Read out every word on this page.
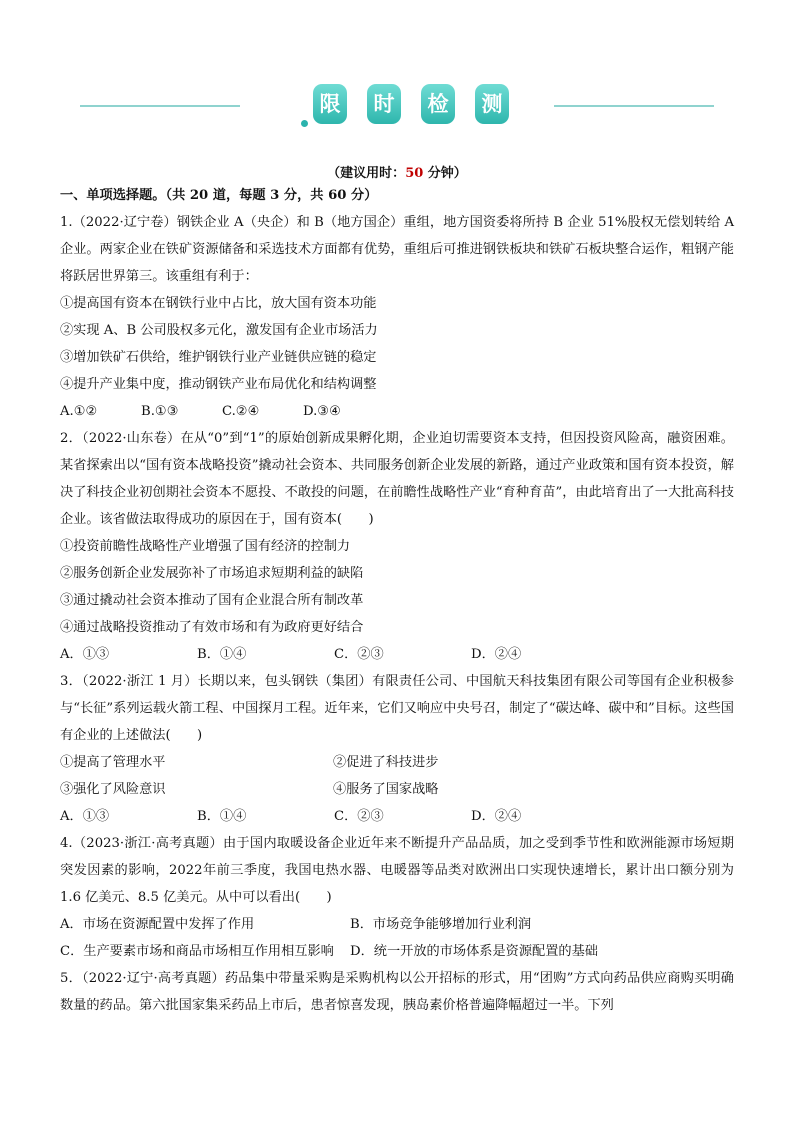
限	时	检	测
（建议用时：50 分钟）

一、单项选择题。（共 20 道，每题 3 分，共 60 分）

1.（2022·辽宁卷）钢铁企业 A（央企）和 B（地方国企）重组，地方国资委将所持 B 企业 51%股权无偿划转给 A 企业。两家企业在铁矿资源储备和采选技术方面都有优势，重组后可推进钢铁板块和铁矿石板块整合运作，粗钢产能将跃居世界第三。该重组有利于：

①提高国有资本在钢铁行业中占比，放大国有资本功能

②实现 A、B 公司股权多元化，激发国有企业市场活力

③增加铁矿石供给，维护钢铁行业产业链供应链的稳定

④提升产业集中度，推动钢铁产业布局优化和结构调整

A.①②	B.①③	C.②④	D.③④

2．（2022·山东卷）在从“0”到“1”的原始创新成果孵化期，企业迫切需要资本支持，但因投资风险高，融资困难。某省探索出以“国有资本战略投资”撬动社会资本、共同服务创新企业发展的新路，通过产业政策和国有资本投资，解决了科技企业初创期社会资本不愿投、不敢投的问题，在前瞻性战略性产业“育种育苗”，由此培育出了一大批高科技企业。该省做法取得成功的原因在于，国有资本(　　)

①投资前瞻性战略性产业增强了国有经济的控制力

②服务创新企业发展弥补了市场追求短期利益的缺陷

③通过撬动社会资本推动了国有企业混合所有制改革

④通过战略投资推动了有效市场和有为政府更好结合

A．①③	B．①④	C．②③	D．②④

3．（2022·浙江 1 月）长期以来，包头钢铁（集团）有限责任公司、中国航天科技集团有限公司等国有企业积极参与“长征”系列运载火箭工程、中国探月工程。近年来，它们又响应中央号召，制定了“碳达峰、碳中和”目标。这些国有企业的上述做法(　　)

①提高了管理水平	②促进了科技进步
③强化了风险意识	④服务了国家战略
A．①③	B．①④	C．②③	D．②④

4.（2023·浙江·高考真题）由于国内取暖设备企业近年来不断提升产品品质，加之受到季节性和欧洲能源市场短期突发因素的影响，2022年前三季度，我国电热水器、电暖器等品类对欧洲出口实现快速增长，累计出口额分别为 1.6 亿美元、8.5 亿美元。从中可以看出(　　)

A．市场在资源配置中发挥了作用	B．市场竞争能够增加行业利润
C．生产要素市场和商品市场相互作用相互影响	D．统一开放的市场体系是资源配置的基础

5．（2022·辽宁·高考真题）药品集中带量采购是采购机构以公开招标的形式，用“团购”方式向药品供应商购买明确数量的药品。第六批国家集采药品上市后，患者惊喜发现，胰岛素价格普遍降幅超过一半。下列
